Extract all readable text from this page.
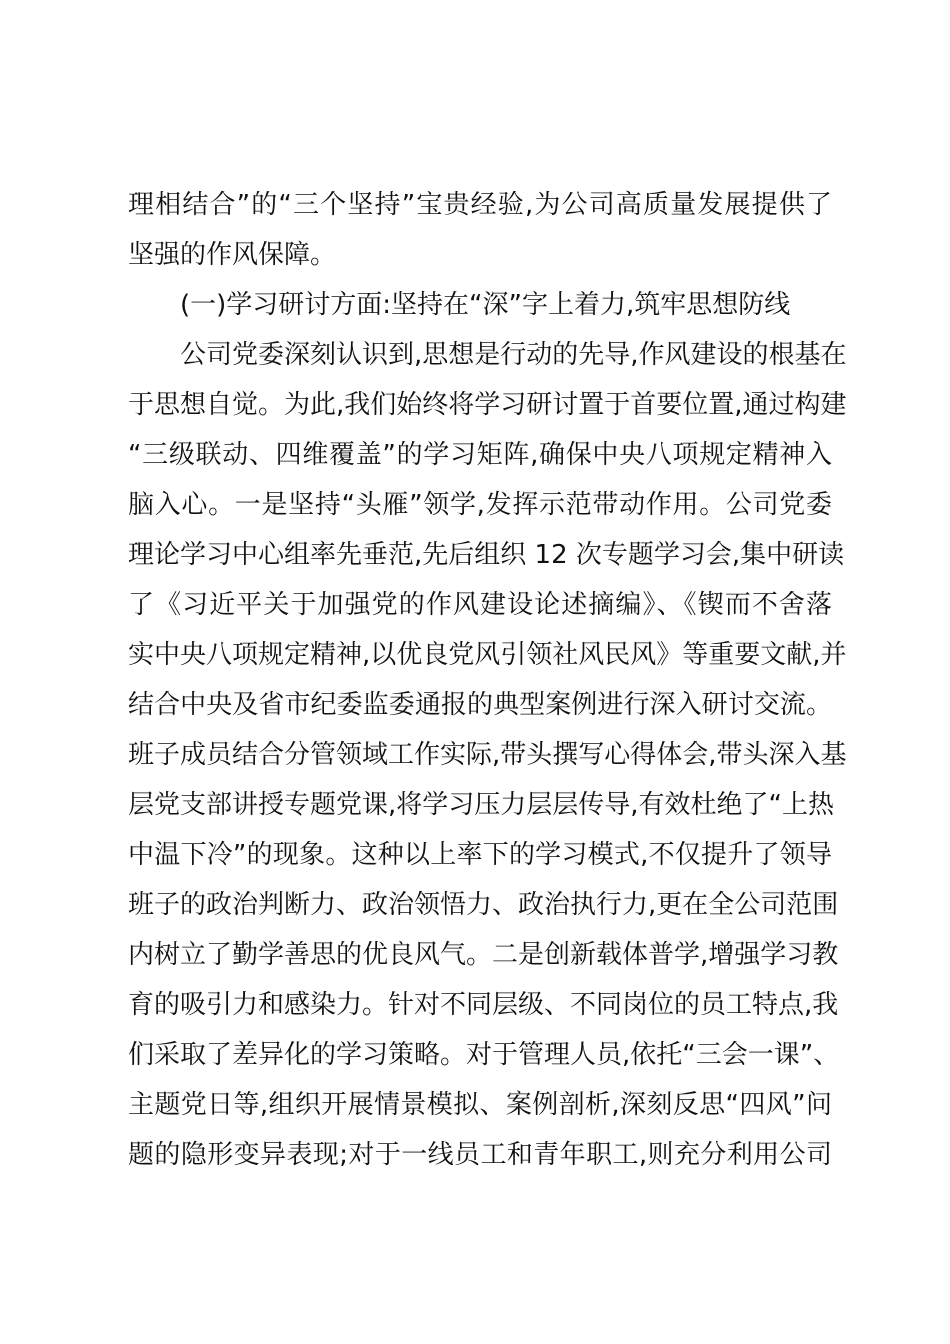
理相结合”的“三个坚持”宝贵经验,为公司高质量发展提供了
坚强的作风保障。
(一)学习研讨方面:坚持在“深”字上着力,筑牢思想防线
公司党委深刻认识到,思想是行动的先导,作风建设的根基在
于思想自觉。为此,我们始终将学习研讨置于首要位置,通过构建
“三级联动、四维覆盖”的学习矩阵,确保中央八项规定精神入
脑入心。一是坚持“头雁”领学,发挥示范带动作用。公司党委
理论学习中心组率先垂范,先后组织 12 次专题学习会,集中研读
了《习近平关于加强党的作风建设论述摘编》、《锲而不舍落
实中央八项规定精神,以优良党风引领社风民风》等重要文献,并
结合中央及省市纪委监委通报的典型案例进行深入研讨交流。
班子成员结合分管领域工作实际,带头撰写心得体会,带头深入基
层党支部讲授专题党课,将学习压力层层传导,有效杜绝了“上热
中温下冷”的现象。这种以上率下的学习模式,不仅提升了领导
班子的政治判断力、政治领悟力、政治执行力,更在全公司范围
内树立了勤学善思的优良风气。二是创新载体普学,增强学习教
育的吸引力和感染力。针对不同层级、不同岗位的员工特点,我
们采取了差异化的学习策略。对于管理人员,依托“三会一课”、
主题党日等,组织开展情景模拟、案例剖析,深刻反思“四风”问
题的隐形变异表现;对于一线员工和青年职工,则充分利用公司
